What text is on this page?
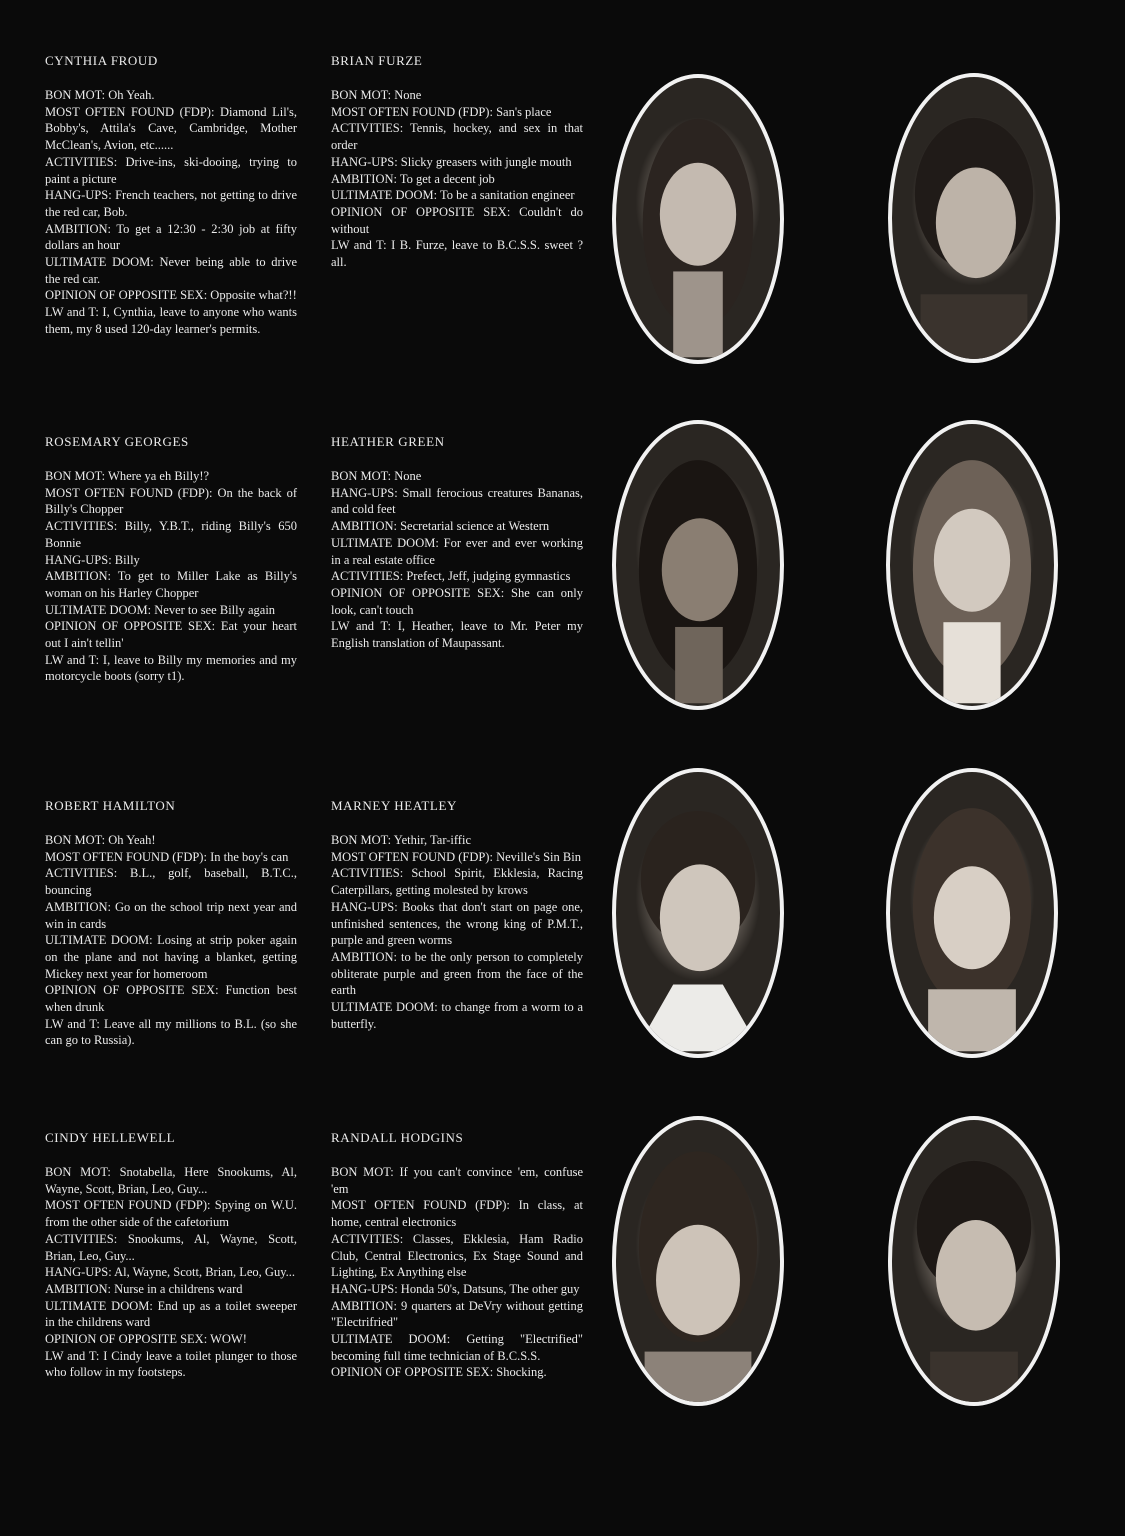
CYNTHIA FROUD

BON MOT: Oh Yeah.

MOST OFTEN FOUND (FDP): Diamond Lil's, Bobby's, Attila's Cave, Cambridge, Mother McClean's, Avion, etc......

ACTIVITIES: Drive-ins, ski-dooing, trying to paint a picture

HANG-UPS: French teachers, not getting to drive the red car, Bob.

AMBITION: To get a 12:30 - 2:30 job at fifty dollars an hour

ULTIMATE DOOM: Never being able to drive the red car.

OPINION OF OPPOSITE SEX: Opposite what?!!

LW and T: I, Cynthia, leave to anyone who wants them, my 8 used 120-day learner's permits.

BRIAN FURZE

BON MOT: None

MOST OFTEN FOUND (FDP): San's place

ACTIVITIES: Tennis, hockey, and sex in that order

HANG-UPS: Slicky greasers with jungle mouth

AMBITION: To get a decent job

ULTIMATE DOOM: To be a sanitation engineer

OPINION OF OPPOSITE SEX: Couldn't do without

LW and T: I B. Furze, leave to B.C.S.S. sweet ? all.

ROSEMARY GEORGES

BON MOT: Where ya eh Billy!?

MOST OFTEN FOUND (FDP): On the back of Billy's Chopper

ACTIVITIES: Billy, Y.B.T., riding Billy's 650 Bonnie

HANG-UPS: Billy

AMBITION: To get to Miller Lake as Billy's woman on his Harley Chopper

ULTIMATE DOOM: Never to see Billy again

OPINION OF OPPOSITE SEX: Eat your heart out I ain't tellin'

LW and T: I, leave to Billy my memories and my motorcycle boots (sorry t1).

HEATHER GREEN

BON MOT: None

HANG-UPS: Small ferocious creatures Bananas, and cold feet

AMBITION: Secretarial science at Western

ULTIMATE DOOM: For ever and ever working in a real estate office

ACTIVITIES: Prefect, Jeff, judging gymnastics

OPINION OF OPPOSITE SEX: She can only look, can't touch

LW and T: I, Heather, leave to Mr. Peter my English translation of Maupassant.

ROBERT HAMILTON

BON MOT: Oh Yeah!

MOST OFTEN FOUND (FDP): In the boy's can

ACTIVITIES: B.L., golf, baseball, B.T.C., bouncing

AMBITION: Go on the school trip next year and win in cards

ULTIMATE DOOM: Losing at strip poker again on the plane and not having a blanket, getting Mickey next year for homeroom

OPINION OF OPPOSITE SEX: Function best when drunk

LW and T: Leave all my millions to B.L. (so she can go to Russia).

MARNEY HEATLEY

BON MOT: Yethir, Tar-iffic

MOST OFTEN FOUND (FDP): Neville's Sin Bin

ACTIVITIES: School Spirit, Ekklesia, Racing Caterpillars, getting molested by krows

HANG-UPS: Books that don't start on page one, unfinished sentences, the wrong king of P.M.T., purple and green worms

AMBITION: to be the only person to completely obliterate purple and green from the face of the earth

ULTIMATE DOOM: to change from a worm to a butterfly.

CINDY HELLEWELL

BON MOT: Snotabella, Here Snookums, Al, Wayne, Scott, Brian, Leo, Guy...

MOST OFTEN FOUND (FDP): Spying on W.U. from the other side of the cafetorium

ACTIVITIES: Snookums, Al, Wayne, Scott, Brian, Leo, Guy...

HANG-UPS: Al, Wayne, Scott, Brian, Leo, Guy...

AMBITION: Nurse in a childrens ward

ULTIMATE DOOM: End up as a toilet sweeper in the childrens ward

OPINION OF OPPOSITE SEX: WOW!

LW and T: I Cindy leave a toilet plunger to those who follow in my footsteps.

RANDALL HODGINS

BON MOT: If you can't convince 'em, confuse 'em

MOST OFTEN FOUND (FDP): In class, at home, central electronics

ACTIVITIES: Classes, Ekklesia, Ham Radio Club, Central Electronics, Ex Stage Sound and Lighting, Ex Anything else

HANG-UPS: Honda 50's, Datsuns, The other guy

AMBITION: 9 quarters at DeVry without getting "Electrifried"

ULTIMATE DOOM: Getting "Electrified" becoming full time technician of B.C.S.S.

OPINION OF OPPOSITE SEX: Shocking.
